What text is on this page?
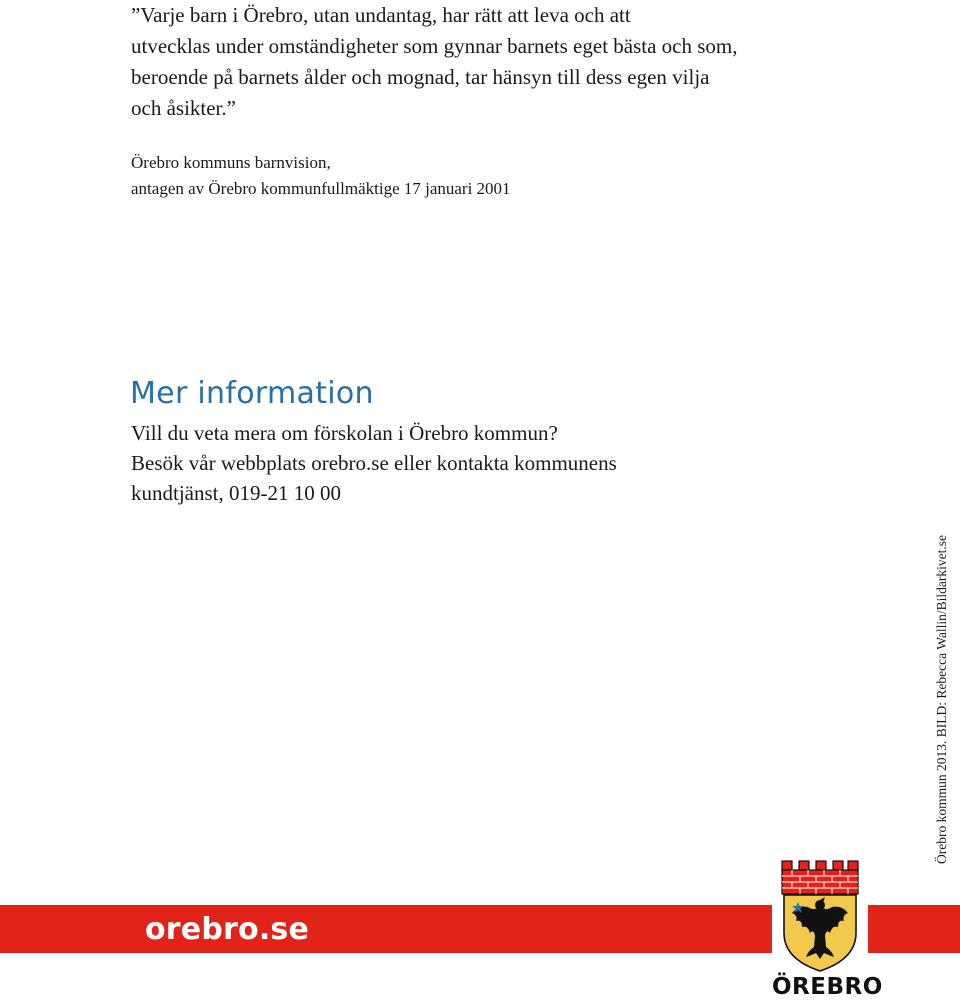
”Varje barn i Örebro, utan undantag, har rätt att leva och att
utvecklas under omständigheter som gynnar barnets eget bästa och som,
beroende på barnets ålder och mognad, tar hänsyn till dess egen vilja
och åsikter.”

Örebro kommuns barnvision,
antagen av Örebro kommunfullmäktige 17 januari 2001

Mer information

Vill du veta mera om förskolan i Örebro kommun?
Besök vår webbplats orebro.se eller kontakta kommunens
kundtjänst, 019-21 10 00

Örebro kommun 2013. BILD: Rebecca Wallin/Bildarkivet.se
orebro.se
ÖREBRO
